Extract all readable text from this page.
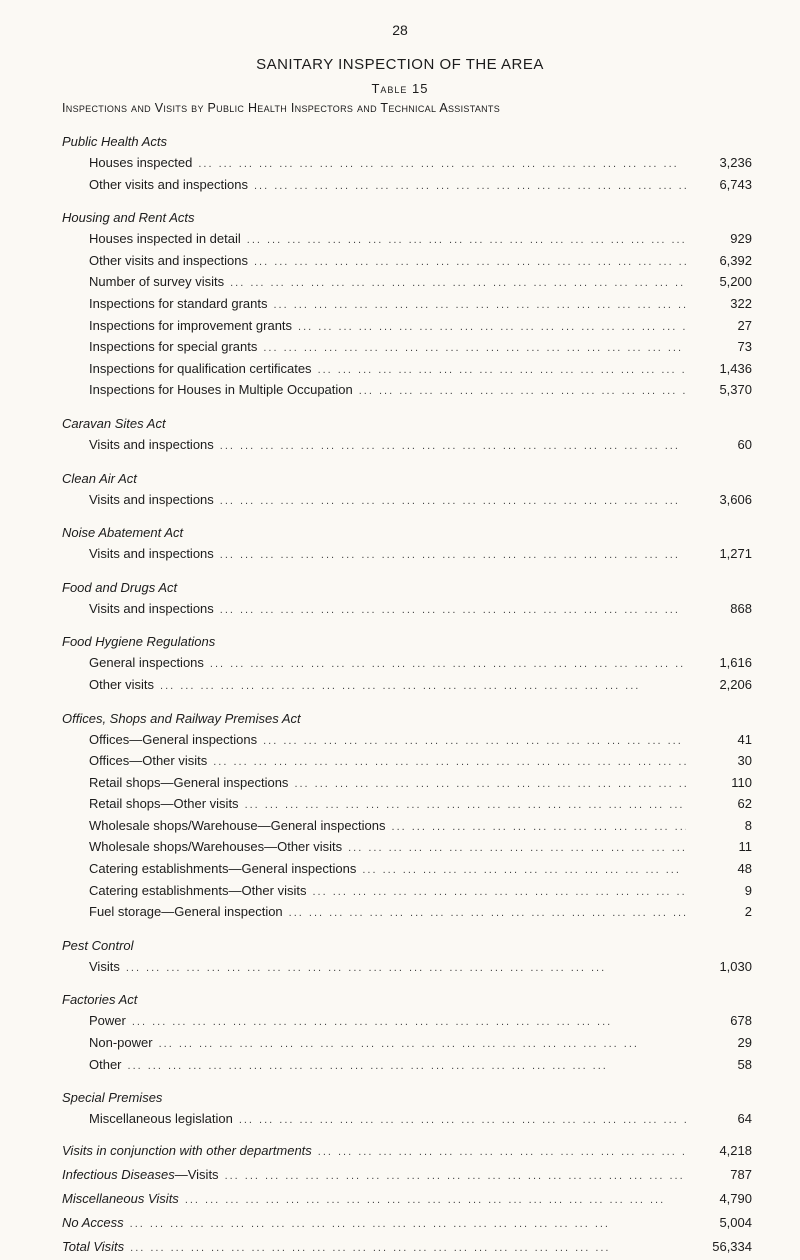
28
SANITARY INSPECTION OF THE AREA
Table 15
Inspections and Visits by Public Health Inspectors and Technical Assistants
Public Health Acts
Houses inspected ... .	3,236
Other visits and inspections ... .	6,743
Housing and Rent Acts
Houses inspected in detail ... .	929
Other visits and inspections ... .	6,392
Number of survey visits ... .	5,200
Inspections for standard grants ... .	322
Inspections for improvement grants ... .	27
Inspections for special grants ... .	73
Inspections for qualification certificates ... .	1,436
Inspections for Houses in Multiple Occupation ... .	5,370
Caravan Sites Act
Visits and inspections ... .	60
Clean Air Act
Visits and inspections ... .	3,606
Noise Abatement Act
Visits and inspections ... .	1,271
Food and Drugs Act
Visits and inspections ... .	868
Food Hygiene Regulations
General inspections ... .	1,616
Other visits ... .	2,206
Offices, Shops and Railway Premises Act
Offices—General inspections ... .	41
Offices—Other visits ... .	30
Retail shops—General inspections ... .	110
Retail shops—Other visits ... .	62
Wholesale shops/Warehouse—General inspections ... .	8
Wholesale shops/Warehouses—Other visits ... .	11
Catering establishments—General inspections ... .	48
Catering establishments—Other visits ... .	9
Fuel storage—General inspection ... .	2
Pest Control
Visits ... .	1,030
Factories Act
Power ... .	678
Non-power ... .	29
Other ... .	58
Special Premises
Miscellaneous legislation ... .	64
Visits in conjunction with other departments ... .	4,218
Infectious Diseases—Visits ... .	787
Miscellaneous Visits ... .	4,790
No Access ... .	5,004
Total Visits ... .	56,334
